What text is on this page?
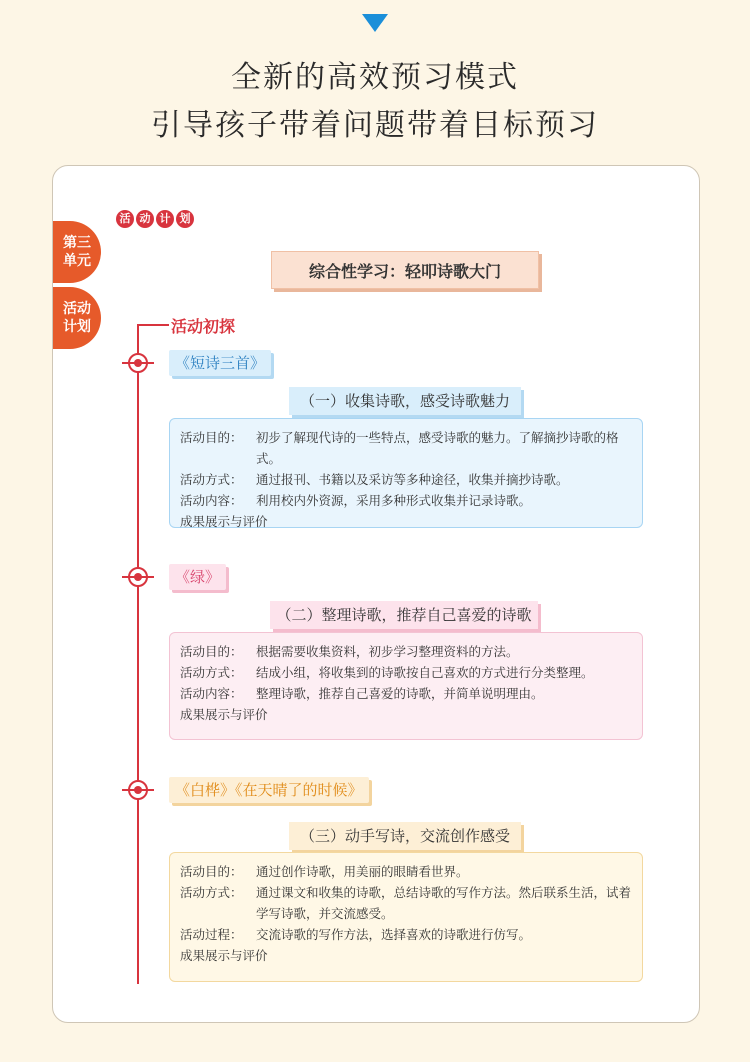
全新的高效预习模式
引导孩子带着问题带着目标预习
活 动 计 划
第三
单元
活动
计划
综合性学习：轻叩诗歌大门
活动初探
《短诗三首》
（一）收集诗歌，感受诗歌魅力
活动目的：	初步了解现代诗的一些特点，感受诗歌的魅力。了解摘抄诗歌的格式。
活动方式：	通过报刊、书籍以及采访等多种途径，收集并摘抄诗歌。
活动内容：	利用校内外资源，采用多种形式收集并记录诗歌。
成果展示与评价
《绿》
（二）整理诗歌，推荐自己喜爱的诗歌
活动目的：	根据需要收集资料，初步学习整理资料的方法。
活动方式：	结成小组，将收集到的诗歌按自己喜欢的方式进行分类整理。
活动内容：	整理诗歌，推荐自己喜爱的诗歌，并简单说明理由。
成果展示与评价
《白桦》《在天晴了的时候》
（三）动手写诗，交流创作感受
活动目的：	通过创作诗歌，用美丽的眼睛看世界。
活动方式：	通过课文和收集的诗歌，总结诗歌的写作方法。然后联系生活，试着学写诗歌，并交流感受。
活动过程：	交流诗歌的写作方法，选择喜欢的诗歌进行仿写。
成果展示与评价
